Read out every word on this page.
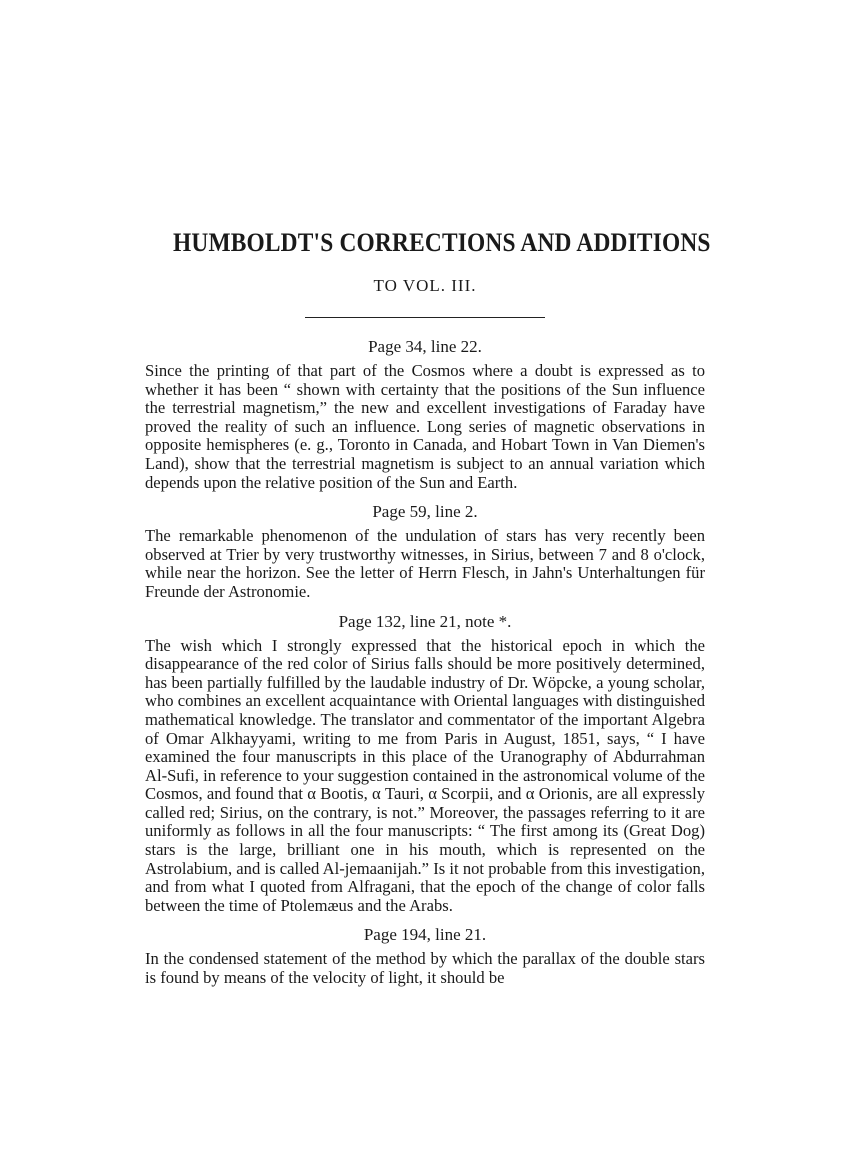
HUMBOLDT'S CORRECTIONS AND ADDITIONS
TO VOL. III.
Page 34, line 22.

Since the printing of that part of the Cosmos where a doubt is expressed as to whether it has been “ shown with certainty that the positions of the Sun influence the terrestrial magnetism,” the new and excellent investigations of Faraday have proved the reality of such an influence. Long series of magnetic observations in opposite hemispheres (e. g., Toronto in Canada, and Hobart Town in Van Diemen's Land), show that the terrestrial magnetism is subject to an annual variation which depends upon the relative position of the Sun and Earth.

Page 59, line 2.

The remarkable phenomenon of the undulation of stars has very recently been observed at Trier by very trustworthy witnesses, in Sirius, between 7 and 8 o'clock, while near the horizon. See the letter of Herrn Flesch, in Jahn's Unterhaltungen für Freunde der Astronomie.

Page 132, line 21, note *.

The wish which I strongly expressed that the historical epoch in which the disappearance of the red color of Sirius falls should be more positively determined, has been partially fulfilled by the laudable industry of Dr. Wöpcke, a young scholar, who combines an excellent acquaintance with Oriental languages with distinguished mathematical knowledge. The translator and commentator of the important Algebra of Omar Alkhayyami, writing to me from Paris in August, 1851, says, “ I have examined the four manuscripts in this place of the Uranography of Abdurrahman Al-Sufi, in reference to your suggestion contained in the astronomical volume of the Cosmos, and found that α Bootis, α Tauri, α Scorpii, and α Orionis, are all expressly called red; Sirius, on the contrary, is not.” Moreover, the passages referring to it are uniformly as follows in all the four manuscripts: “ The first among its (Great Dog) stars is the large, brilliant one in his mouth, which is represented on the Astrolabium, and is called Al-jemaanijah.” Is it not probable from this investigation, and from what I quoted from Alfragani, that the epoch of the change of color falls between the time of Ptolemæus and the Arabs.

Page 194, line 21.

In the condensed statement of the method by which the parallax of the double stars is found by means of the velocity of light, it should be
